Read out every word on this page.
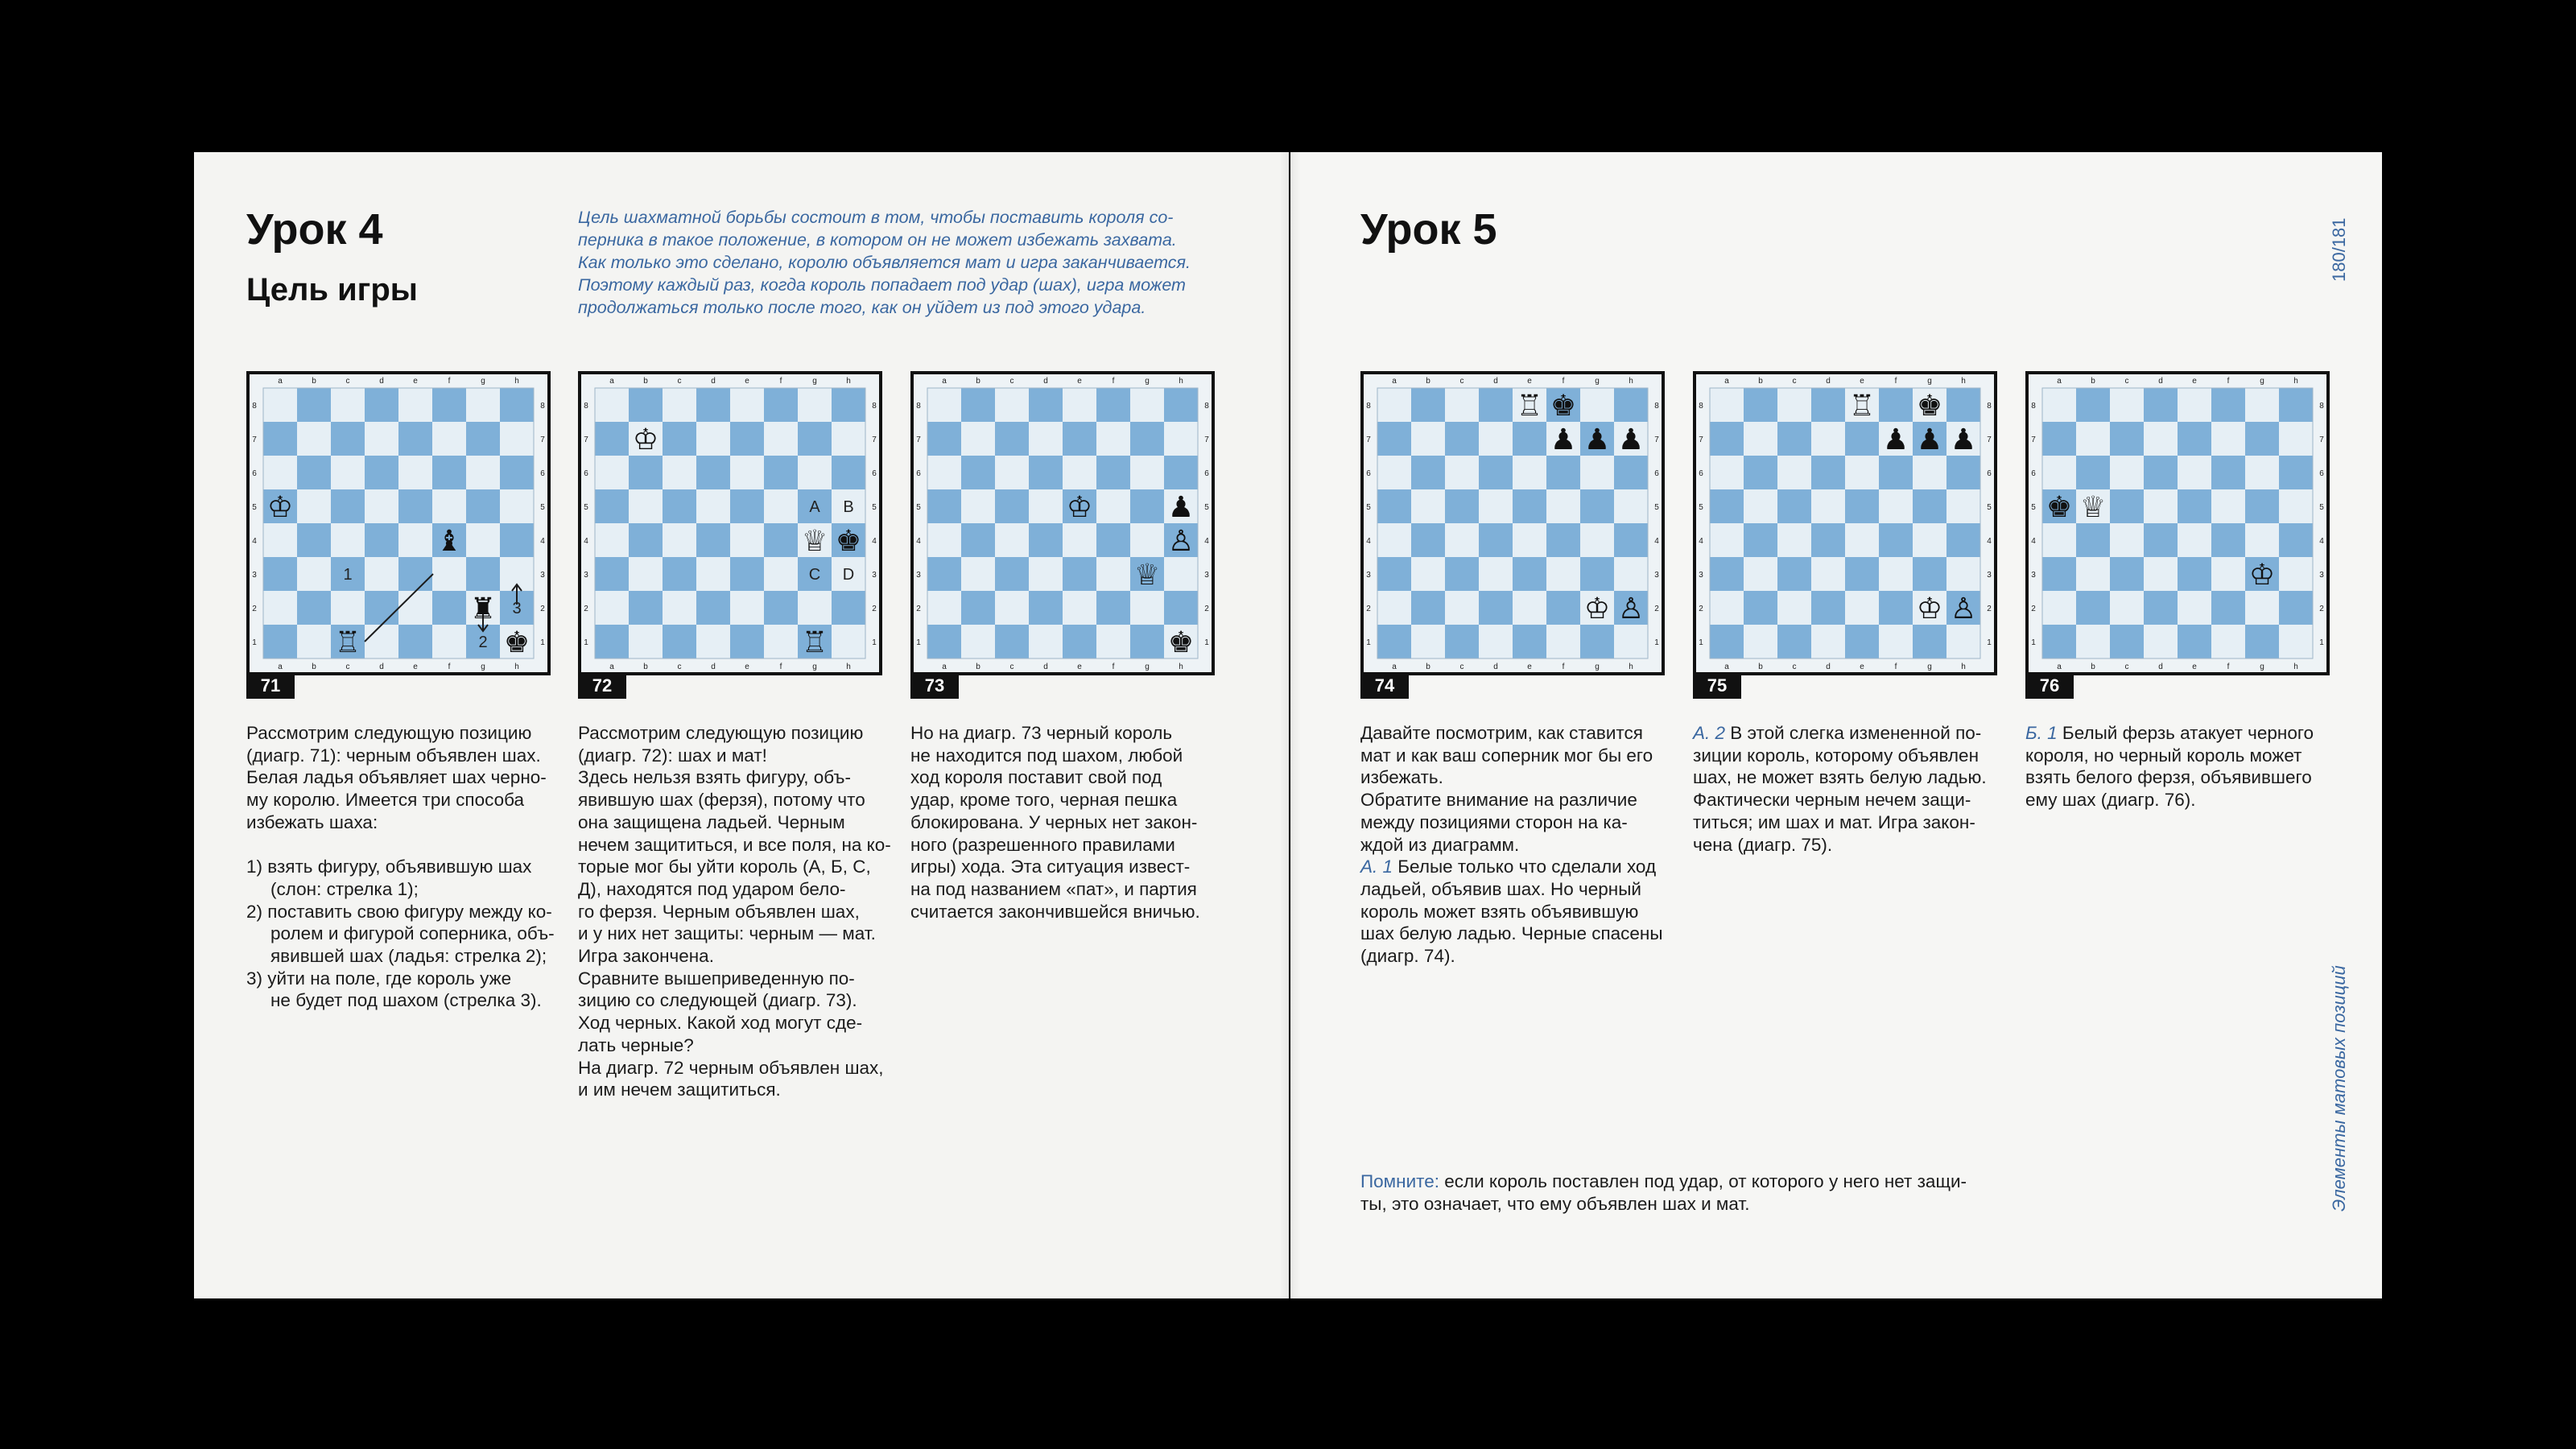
Урок 4
Цель игры
Цель шахматной борьбы состоит в том, чтобы поставить короля со-
перника в такое положение, в котором он не может избежать захвата.
Как только это сделано, королю объявляется мат и игра заканчивается.
Поэтому каждый раз, когда король попадает под удар (шах), игра может
продолжаться только после того, как он уйдет из под этого удара.
a
a
b
b
c
c
d
d
e
e
f
f
g
g
h
h
1	1
2	2
3	3
4	4
5	5
6	6
7	7
8	8
♔
♝
♜
♖	♚
1
2
3
71
a
a
b
b
c
c
d
d
e
e
f
f
g
g
h
h
1	1
2	2
3	3
4	4
5	5
6	6
7	7
8	8
♔
♕ ♚
♖
A B
C D
72
a
a
b
b
c
c
d
d
e
e
f
f
g
g
h
h
1	1
2	2
3	3
4	4
5	5
6	6
7	7
8	8
♔	♟
♙
♕
♚
73
a
a
b
b
c
c
d
d
e
e
f
f
g
g
h
h
1	1
2	2
3	3
4	4
5	5
6	6
7	7
8	8
♖ ♚
♟ ♟ ♟
♔ ♙
74
a
a
b
b
c
c
d
d
e
e
f
f
g
g
h
h
1	1
2	2
3	3
4	4
5	5
6	6
7	7
8	8
♖ ♚
♟ ♟ ♟
♔ ♙
75
a
a
b
b
c
c
d
d
e
e
f
f
g
g
h
h
1	1
2	2
3	3
4	4
5	5
6	6
7	7
8	8
♚ ♕
♔
76
Рассмотрим следующую позицию
(диагр. 71): черным объявлен шах.
Белая ладья объявляет шах черно-
му королю. Имеется три способа
избежать шаха:
1) взять фигуру, объявившую шах
(слон: стрелка 1);
2) поставить свою фигуру между ко-
ролем и фигурой соперника, объ-
явившей шах (ладья: стрелка 2);
3) уйти на поле, где король уже
не будет под шахом (стрелка 3).
Рассмотрим следующую позицию
(диагр. 72): шах и мат!
Здесь нельзя взять фигуру, объ-
явившую шах (ферзя), потому что
она защищена ладьей. Черным
нечем защититься, и все поля, на ко-
торые мог бы уйти король (А, Б, С,
Д), находятся под ударом бело-
го ферзя. Черным объявлен шах,
и у них нет защиты: черным — мат.
Игра закончена.
Сравните вышеприведенную по-
зицию со следующей (диагр. 73).
Ход черных. Какой ход могут сде-
лать черные?
На диагр. 72 черным объявлен шах,
и им нечем защититься.
Но на диагр. 73 черный король
не находится под шахом, любой
ход короля поставит свой под
удар, кроме того, черная пешка
блокирована. У черных нет закон-
ного (разрешенного правилами
игры) хода. Эта ситуация извест-
на под названием «пат», и партия
считается закончившейся вничью.
Урок 5
Давайте посмотрим, как ставится
мат и как ваш соперник мог бы его
избежать.
Обратите внимание на различие
между позициями сторон на ка-
ждой из диаграмм.
А. 1 Белые только что сделали ход
ладьей, объявив шах. Но черный
король может взять объявившую
шах белую ладью. Черные спасены
(диагр. 74).
А. 2 В этой слегка измененной по-
зиции король, которому объявлен
шах, не может взять белую ладью.
Фактически черным нечем защи-
титься; им шах и мат. Игра закон-
чена (диагр. 75).
Б. 1 Белый ферзь атакует черного
короля, но черный король может
взять белого ферзя, объявившего
ему шах (диагр. 76).
Помните: если король поставлен под удар, от которого у него нет защи-
ты, это означает, что ему объявлен шах и мат.
180/181
Элементы матовых позиций
